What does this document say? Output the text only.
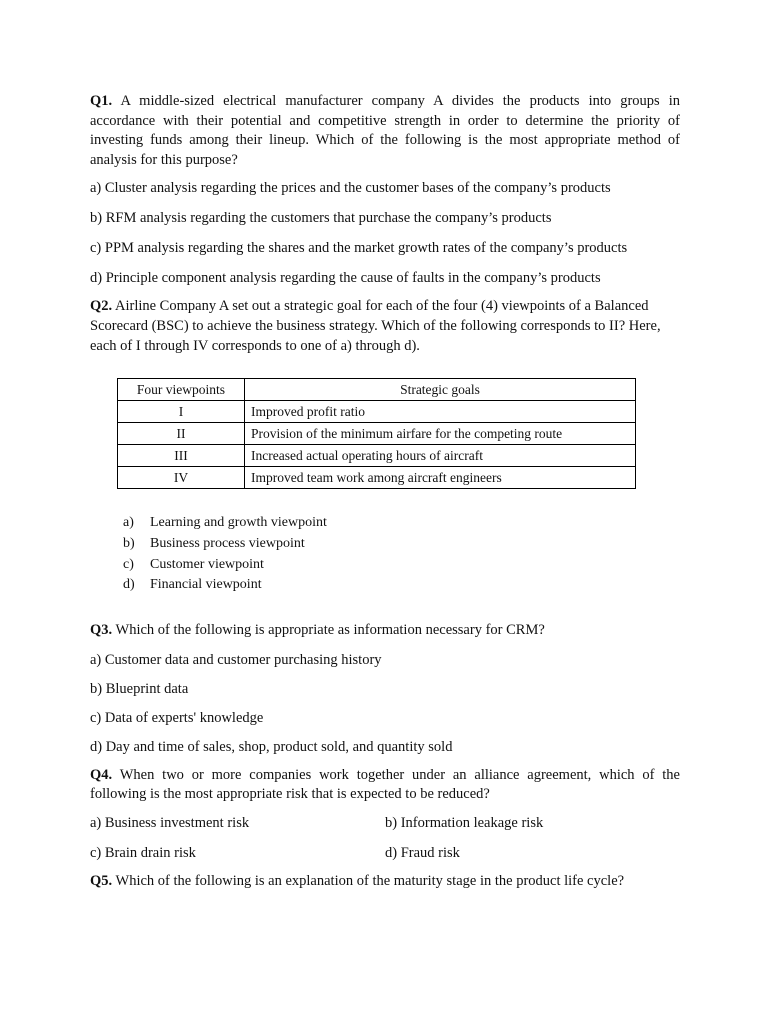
Q1. A middle-sized electrical manufacturer company A divides the products into groups in accordance with their potential and competitive strength in order to determine the priority of investing funds among their lineup. Which of the following is the most appropriate method of analysis for this purpose?

a) Cluster analysis regarding the prices and the customer bases of the company’s products

b) RFM analysis regarding the customers that purchase the company’s products

c) PPM analysis regarding the shares and the market growth rates of the company’s products

d) Principle component analysis regarding the cause of faults in the company’s products

Q2. Airline Company A set out a strategic goal for each of the four (4) viewpoints of a Balanced Scorecard (BSC) to achieve the business strategy. Which of the following corresponds to II? Here, each of I through IV corresponds to one of a) through d).

Four viewpoints	Strategic goals
I	Improved profit ratio
II	Provision of the minimum airfare for the competing route
III	Increased actual operating hours of aircraft
IV	Improved team work among aircraft engineers
a) Learning and growth viewpoint
b) Business process viewpoint
c) Customer viewpoint
d) Financial viewpoint

Q3. Which of the following is appropriate as information necessary for CRM?

a) Customer data and customer purchasing history

b) Blueprint data

c) Data of experts' knowledge

d) Day and time of sales, shop, product sold, and quantity sold

Q4. When two or more companies work together under an alliance agreement, which of the following is the most appropriate risk that is expected to be reduced?

a) Business investment risk	b) Information leakage risk

c) Brain drain risk	d) Fraud risk

Q5. Which of the following is an explanation of the maturity stage in the product life cycle?
